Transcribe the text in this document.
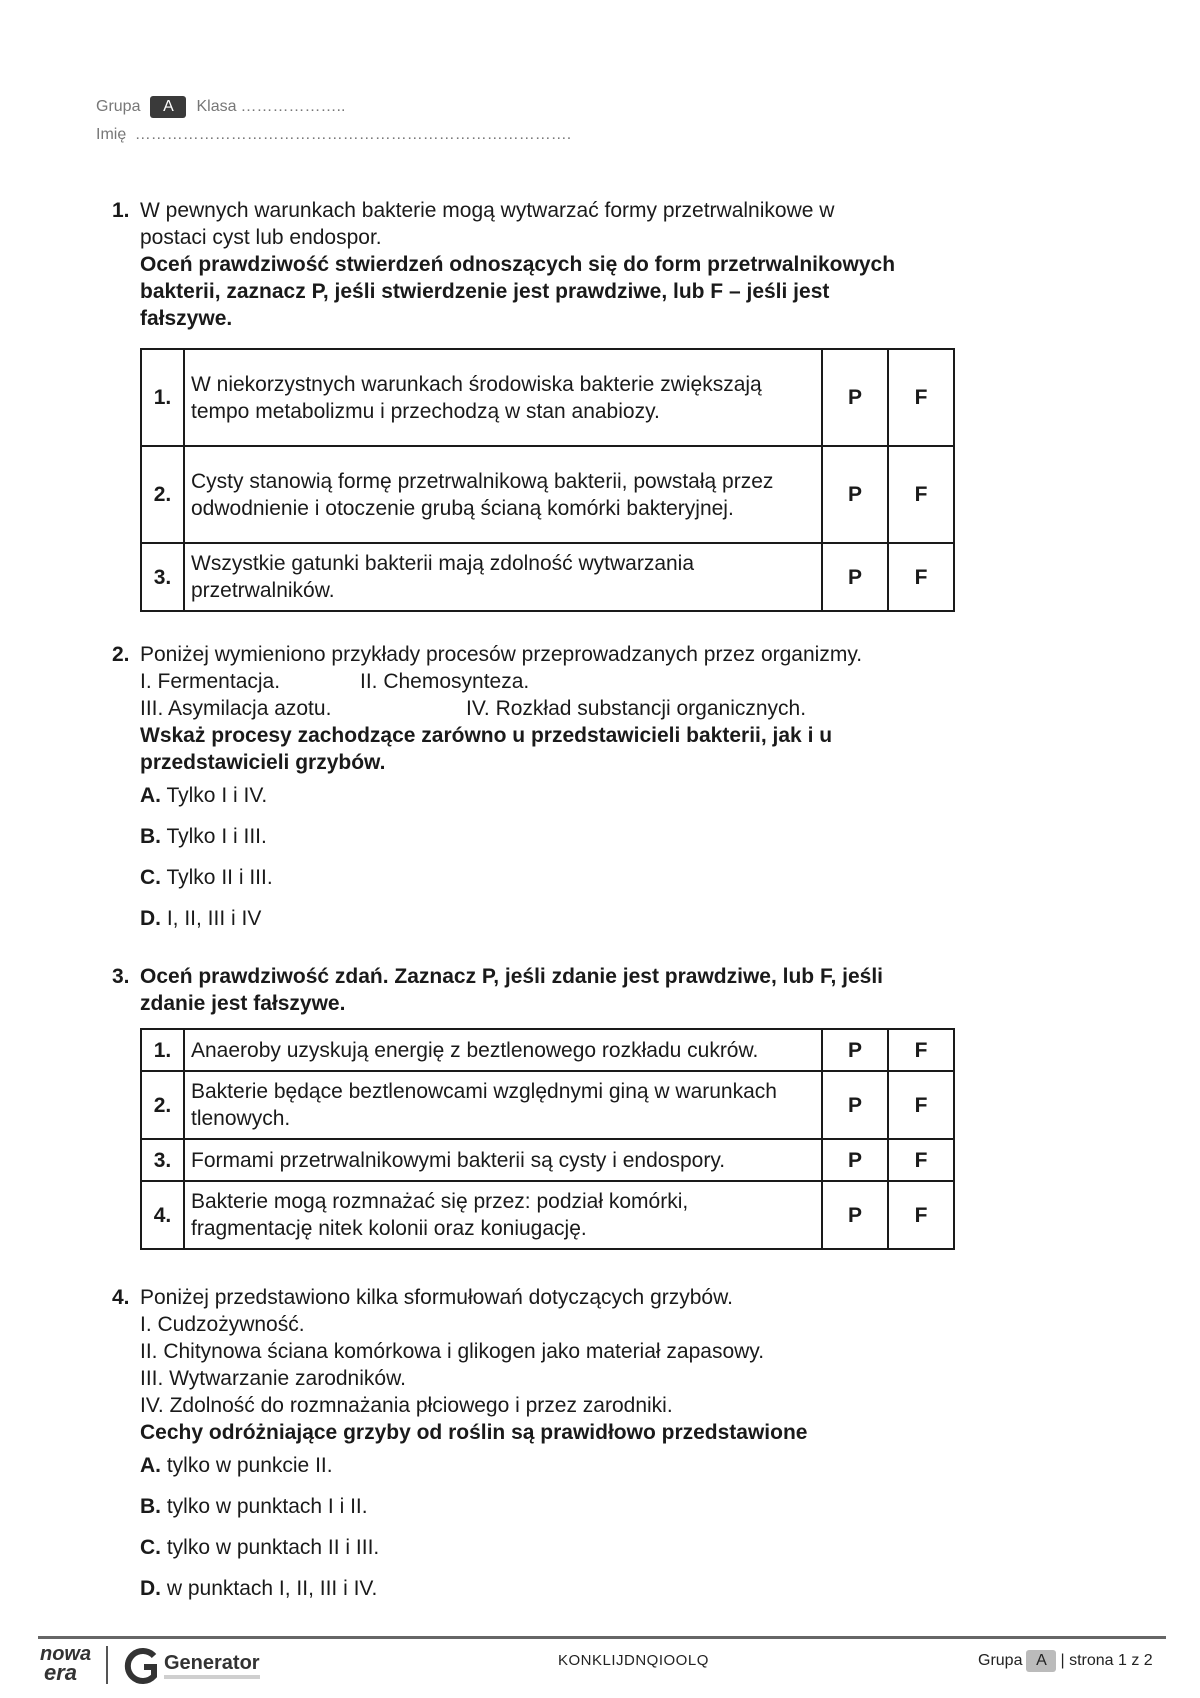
Grupa	A	Klasa ………………..
Imię ……………………………………………………………………….
1. W pewnych warunkach bakterie mogą wytwarzać formy przetrwalnikowe w
postaci cyst lub endospor.
Oceń prawdziwość stwierdzeń odnoszących się do form przetrwalnikowych
bakterii, zaznacz P, jeśli stwierdzenie jest prawdziwe, lub F – jeśli jest
fałszywe.
1.	W niekorzystnych warunkach środowiska bakterie zwiększają tempo metabolizmu i przechodzą w stan anabiozy.	P	F
2.	Cysty stanowią formę przetrwalnikową bakterii, powstałą przez odwodnienie i otoczenie grubą ścianą komórki bakteryjnej.	P	F
3.	Wszystkie gatunki bakterii mają zdolność wytwarzania przetrwalników.	P	F
2. Poniżej wymieniono przykłady procesów przeprowadzanych przez organizmy.
I. Fermentacja.	II. Chemosynteza.
III. Asymilacja azotu.	IV. Rozkład substancji organicznych.
Wskaż procesy zachodzące zarówno u przedstawicieli bakterii, jak i u
przedstawicieli grzybów.
A. Tylko I i IV.
B. Tylko I i III.
C. Tylko II i III.
D. I, II, III i IV
3. Oceń prawdziwość zdań. Zaznacz P, jeśli zdanie jest prawdziwe, lub F, jeśli
zdanie jest fałszywe.
1.	Anaeroby uzyskują energię z beztlenowego rozkładu cukrów.	P	F
2.	Bakterie będące beztlenowcami względnymi giną w warunkach tlenowych.	P	F
3.	Formami przetrwalnikowymi bakterii są cysty i endospory.	P	F
4.	Bakterie mogą rozmnażać się przez: podział komórki, fragmentację nitek kolonii oraz koniugację.	P	F
4. Poniżej przedstawiono kilka sformułowań dotyczących grzybów.
I. Cudzożywność.
II. Chitynowa ściana komórkowa i glikogen jako materiał zapasowy.
III. Wytwarzanie zarodników.
IV. Zdolność do rozmnażania płciowego i przez zarodniki.
Cechy odróżniające grzyby od roślin są prawidłowo przedstawione
A. tylko w punkcie II.
B. tylko w punktach I i II.
C. tylko w punktach II i III.
D. w punktach I, II, III i IV.
nowa
era	Generator	KONKLIJDNQIOOLQ	Grupa A | strona 1 z 2
